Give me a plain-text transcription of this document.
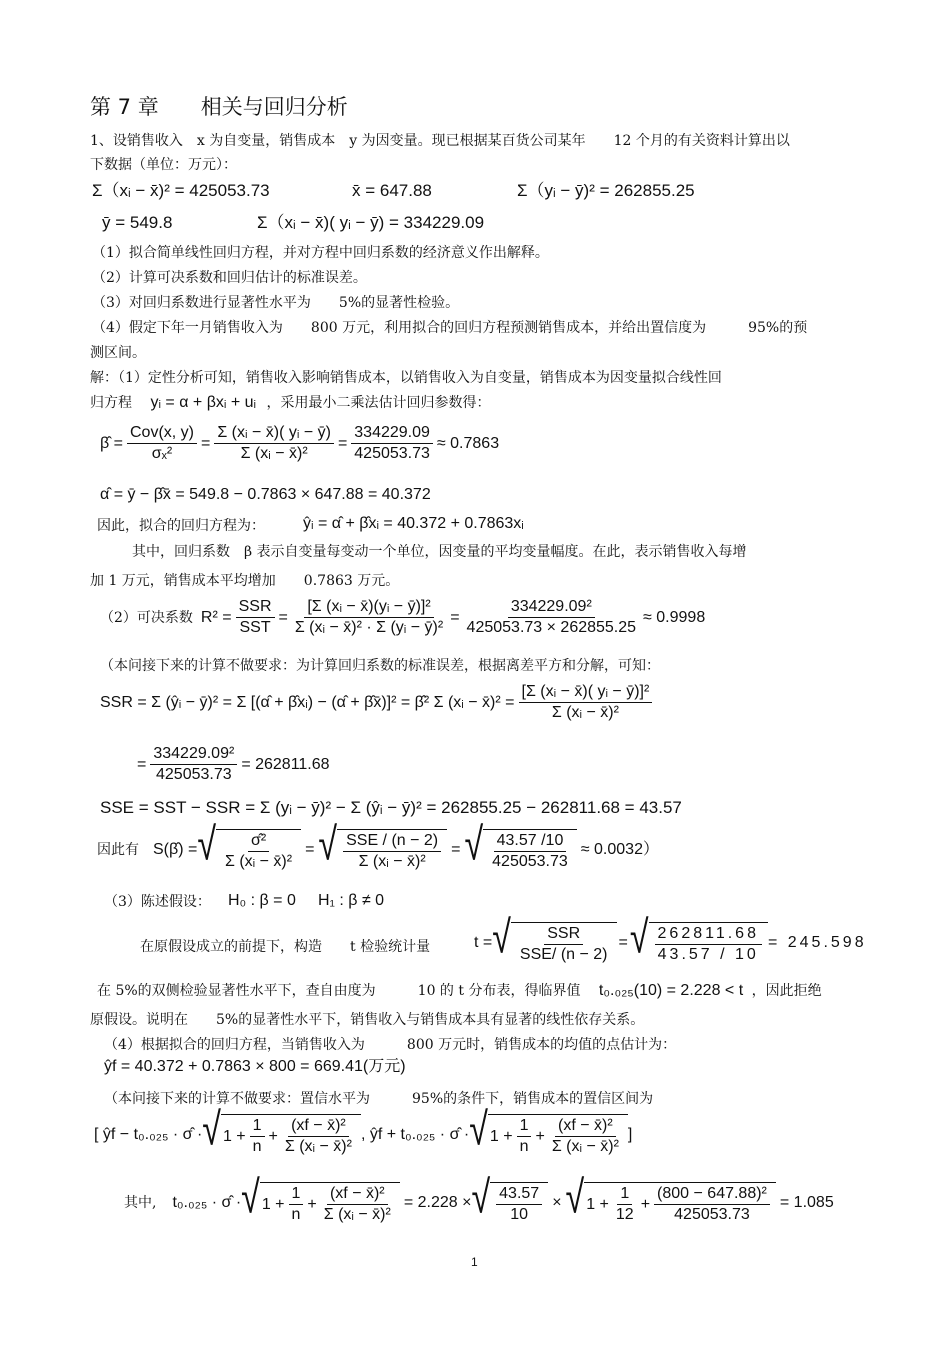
第 7 章　　相关与回归分析
1、设销售收入　x 为自变量，销售成本　y 为因变量。现已根据某百货公司某年　　12 个月的有关资料计算出以
下数据（单位：万元）：
Σ（xᵢ − x̄)² = 425053.73	x̄ = 647.88	Σ（yᵢ − ȳ)² = 262855.25
ȳ = 549.8	Σ（xᵢ − x̄)( yᵢ − ȳ) = 334229.09
（1）拟合简单线性回归方程，并对方程中回归系数的经济意义作出解释。
（2）计算可决系数和回归估计的标准误差。
（3）对回归系数进行显著性水平为　　5%的显著性检验。
（4）假定下年一月销售收入为　　800 万元，利用拟合的回归方程预测销售成本，并给出置信度为　　　95%的预
测区间。
解：（1）定性分析可知，销售收入影响销售成本，以销售收入为自变量，销售成本为因变量拟合线性回
归方程 yᵢ = α + βxᵢ + uᵢ ，采用最小二乘法估计回归参数得：
β̂ = $\frac{\text{Cov(x, y)}}{\text{σₓ²}} = \frac{\text{Σ (xᵢ − x̄)( yᵢ − ȳ)}}{\text{Σ (xᵢ − x̄)²}} = \frac{334229.09}{425053.73} \approx 0.7863$
α̂ = ȳ − β̂x̄ = 549.8 − 0.7863 × 647.88 = 40.372
因此，拟合的回归方程为： ŷᵢ = α̂ + β̂xᵢ = 40.372 + 0.7863xᵢ
其中，回归系数　β 表示自变量每变动一个单位，因变量的平均变量幅度。在此，表示销售收入每增
加 1 万元，销售成本平均增加　　0.7863 万元。
（2）可决系数 $R^2 = \frac{\text{SSR}}{\text{SST}} = \frac{\text{[Σ (xᵢ − x̄)(yᵢ − ȳ)]²}}{\text{Σ (xᵢ − x̄)² · Σ (yᵢ − ȳ)²}} = \frac{\text{334229.09²}}{425053.73 \times 262855.25} \approx 0.9998$
（本问接下来的计算不做要求：为计算回归系数的标准误差，根据离差平方和分解，可知：
SSR = Σ (ŷᵢ − ȳ)² = Σ [(α̂ + β̂xᵢ) − (α̂ + β̂x̄)]² = β̂² Σ (xᵢ − x̄)² = $\frac{\text{[Σ (xᵢ − x̄)( yᵢ − ȳ)]²}}{\text{Σ (xᵢ − x̄)²}}$
= $\frac{\text{334229.09²}}{425053.73} = 262811.68$
SSE = SST − SSR = Σ (yᵢ − ȳ)² − Σ (ŷᵢ − ȳ)² = 262855.25 − 262811.68 = 43.57
因此有 S(β̂) = √ $\frac{\text{σ̂²}}{\text{Σ (xᵢ − x̄)²}}$ = √ $\frac{\text{SSE / (n − 2)}}{\text{Σ (xᵢ − x̄)²}}$ = √ $\frac{43.57 /10}{425053.73} \approx 0.0032$）
（3）陈述假设： H₀ : β = 0 H₁ : β ≠ 0
在原假设成立的前提下，构造　　t 检验统计量	t = √ $\frac{\text{SSR}}{\text{SSE/ (n − 2)}}$ = √ $\frac{262811.68}{43.57 / 10} = 245.598$
在 5%的双侧检验显著性水平下，查自由度为　　　10 的 t 分布表，得临界值 t₀.₀₂₅(10) = 2.228 < t ，因此拒绝
原假设。说明在　　5%的显著性水平下，销售收入与销售成本具有显著的线性依存关系。
（4）根据拟合的回归方程，当销售收入为　　　800 万元时，销售成本的均值的点估计为：
ŷf = 40.372 + 0.7863 × 800 = 669.41(万元)
（本问接下来的计算不做要求：置信水平为　　　95%的条件下，销售成本的置信区间为
[ ŷf − t₀.₀₂₅ · σ̂ · √ $1 + \frac{1}{n} + \frac{\text{(xf − x̄)²}}{\text{Σ (xᵢ − x̄)²}}$ , ŷf + t₀.₀₂₅ · σ̂ · √ $1 + \frac{1}{n} + \frac{\text{(xf − x̄)²}}{\text{Σ (xᵢ − x̄)²}}$ ]
其中, t₀.₀₂₅ · σ̂ · √ $1 + \frac{1}{n} + \frac{\text{(xf − x̄)²}}{\text{Σ (xᵢ − x̄)²}} = 2.228$ × √ $\frac{43.57}{10}$ × √ $1 + \frac{1}{12} + \frac{\text{(800 − 647.88)²}}{425053.73} = 1.085$
1
